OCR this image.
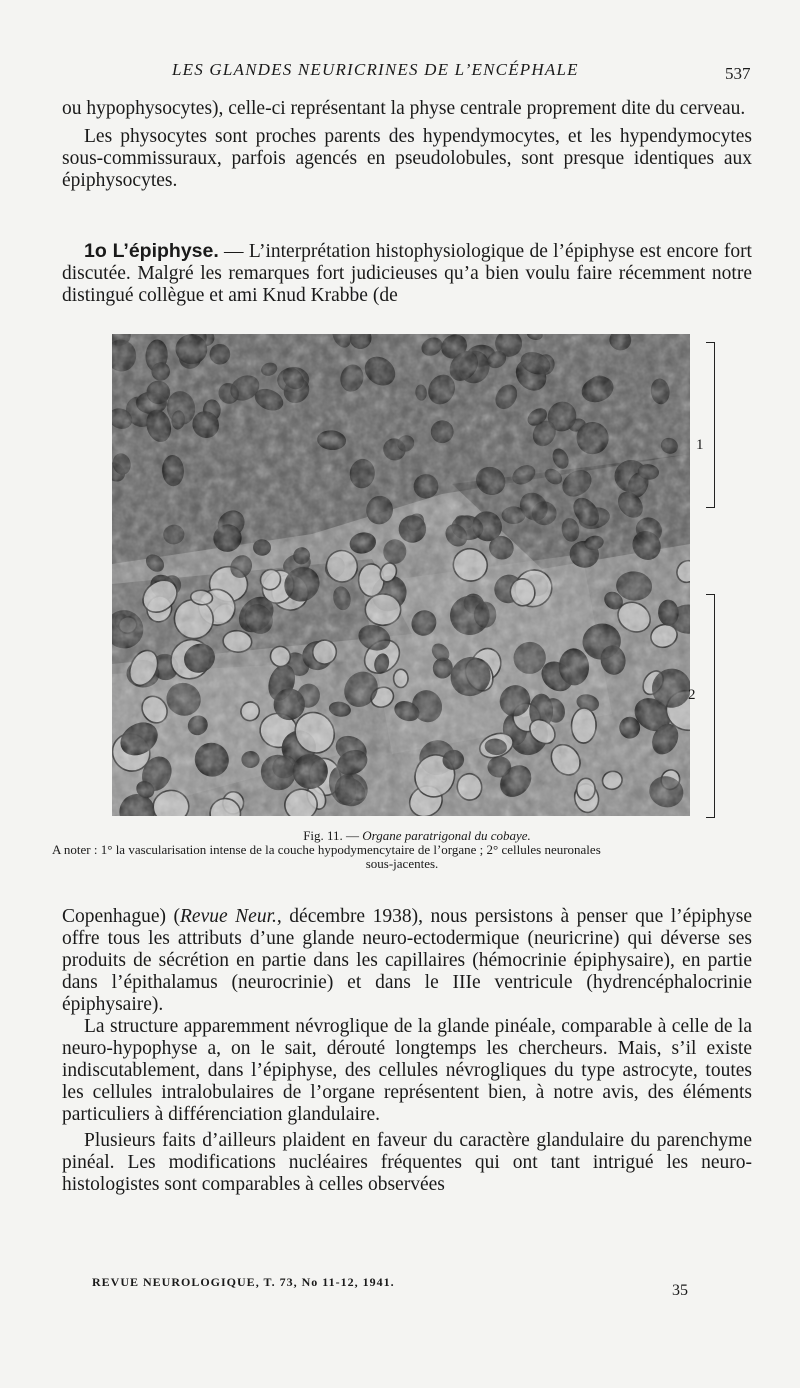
LES GLANDES NEURICRINES DE L’ENCÉPHALE	537

ou hypophysocytes), celle-ci représentant la physe centrale proprement dite du cerveau.

Les physocytes sont proches parents des hypendymocytes, et les hypendymocytes sous-commissuraux, parfois agencés en pseudolobules, sont presque identiques aux épiphysocytes.

1o L’épiphyse. — L’interprétation histophysiologique de l’épiphyse est encore fort discutée. Malgré les remarques fort judicieuses qu’a bien voulu faire récemment notre distingué collègue et ami Knud Krabbe (de

1
2
Fig. 11. — Organe paratrigonal du cobaye.
A noter : 1° la vascularisation intense de la couche hypodymencytaire de l’organe ; 2° cellules neuronales
sous-jacentes.

Copenhague) (Revue Neur., décembre 1938), nous persistons à penser que l’épiphyse offre tous les attributs d’une glande neuro-ectodermique (neuricrine) qui déverse ses produits de sécrétion en partie dans les capillaires (hémocrinie épiphysaire), en partie dans l’épithalamus (neurocrinie) et dans le IIIe ventricule (hydrencéphalocrinie épiphysaire).

La structure apparemment névroglique de la glande pinéale, comparable à celle de la neuro-hypophyse a, on le sait, dérouté longtemps les chercheurs. Mais, s’il existe indiscutablement, dans l’épiphyse, des cellules névrogliques du type astrocyte, toutes les cellules intralobulaires de l’organe représentent bien, à notre avis, des éléments particuliers à différenciation glandulaire.

Plusieurs faits d’ailleurs plaident en faveur du caractère glandulaire du parenchyme pinéal. Les modifications nucléaires fréquentes qui ont tant intrigué les neuro-histologistes sont comparables à celles observées

REVUE NEUROLOGIQUE, T. 73, No 11-12, 1941.	35
